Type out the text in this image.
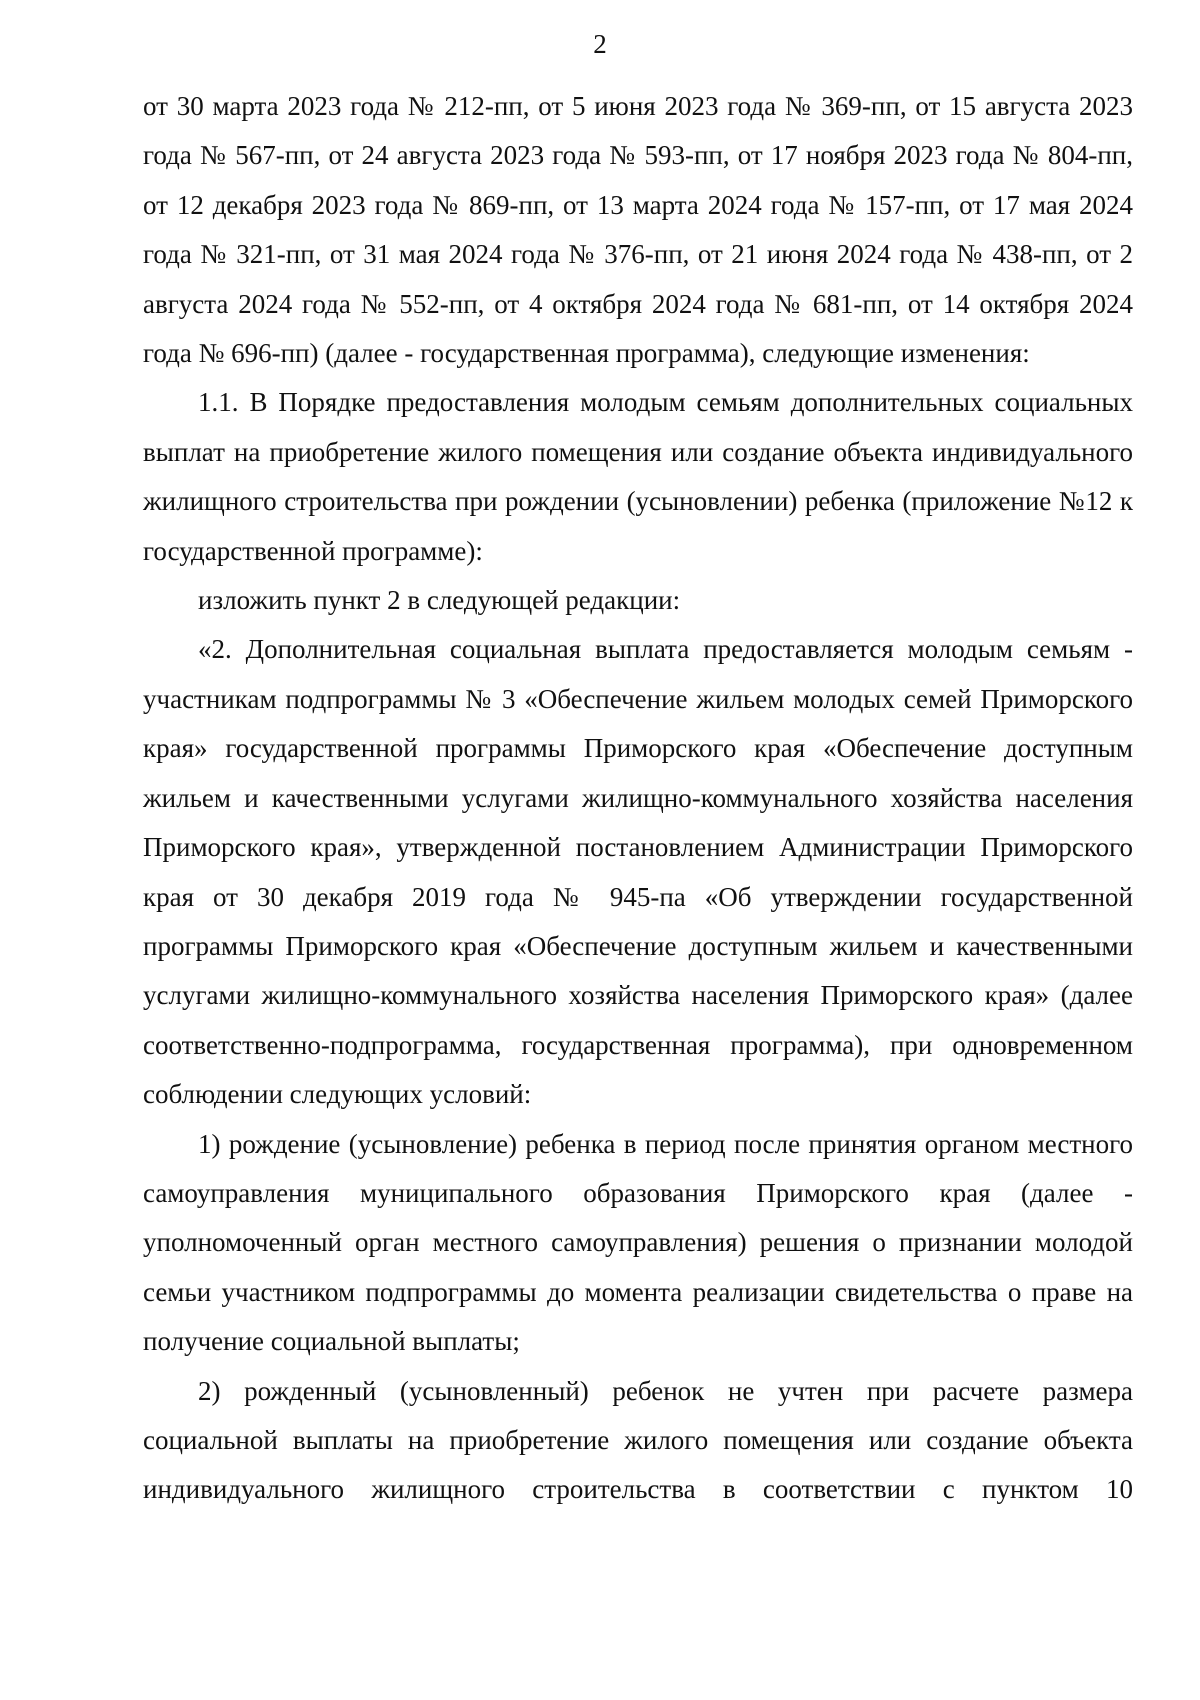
2

от 30 марта 2023 года № 212-пп, от 5 июня 2023 года № 369-пп, от 15 августа 2023 года № 567-пп, от 24 августа 2023 года № 593-пп, от 17 ноября 2023 года № 804-пп, от 12 декабря 2023 года № 869-пп, от 13 марта 2024 года № 157-пп, от 17 мая 2024 года № 321-пп, от 31 мая 2024 года № 376-пп, от 21 июня 2024 года № 438-пп, от 2 августа 2024 года № 552-пп, от 4 октября 2024 года № 681-пп, от 14 октября 2024 года № 696-пп) (далее - государственная программа), следующие изменения:

1.1. В Порядке предоставления молодым семьям дополнительных социальных выплат на приобретение жилого помещения или создание объекта индивидуального жилищного строительства при рождении (усыновлении) ребенка (приложение №12 к государственной программе):

изложить пункт 2 в следующей редакции:

«2. Дополнительная социальная выплата предоставляется молодым семьям - участникам подпрограммы № 3 «Обеспечение жильем молодых семей Приморского края» государственной программы Приморского края «Обеспечение доступным жильем и качественными услугами жилищно-коммунального хозяйства населения Приморского края», утвержденной постановлением Администрации Приморского края от 30 декабря 2019 года № 945-па «Об утверждении государственной программы Приморского края «Обеспечение доступным жильем и качественными услугами жилищно-коммунального хозяйства населения Приморского края» (далее соответственно-подпрограмма, государственная программа), при одновременном соблюдении следующих условий:

1) рождение (усыновление) ребенка в период после принятия органом местного самоуправления муниципального образования Приморского края (далее - уполномоченный орган местного самоуправления) решения о признании молодой семьи участником подпрограммы до момента реализации свидетельства о праве на получение социальной выплаты;

2) рожденный (усыновленный) ребенок не учтен при расчете размера социальной выплаты на приобретение жилого помещения или создание объекта индивидуального жилищного строительства в соответствии с пунктом 10
